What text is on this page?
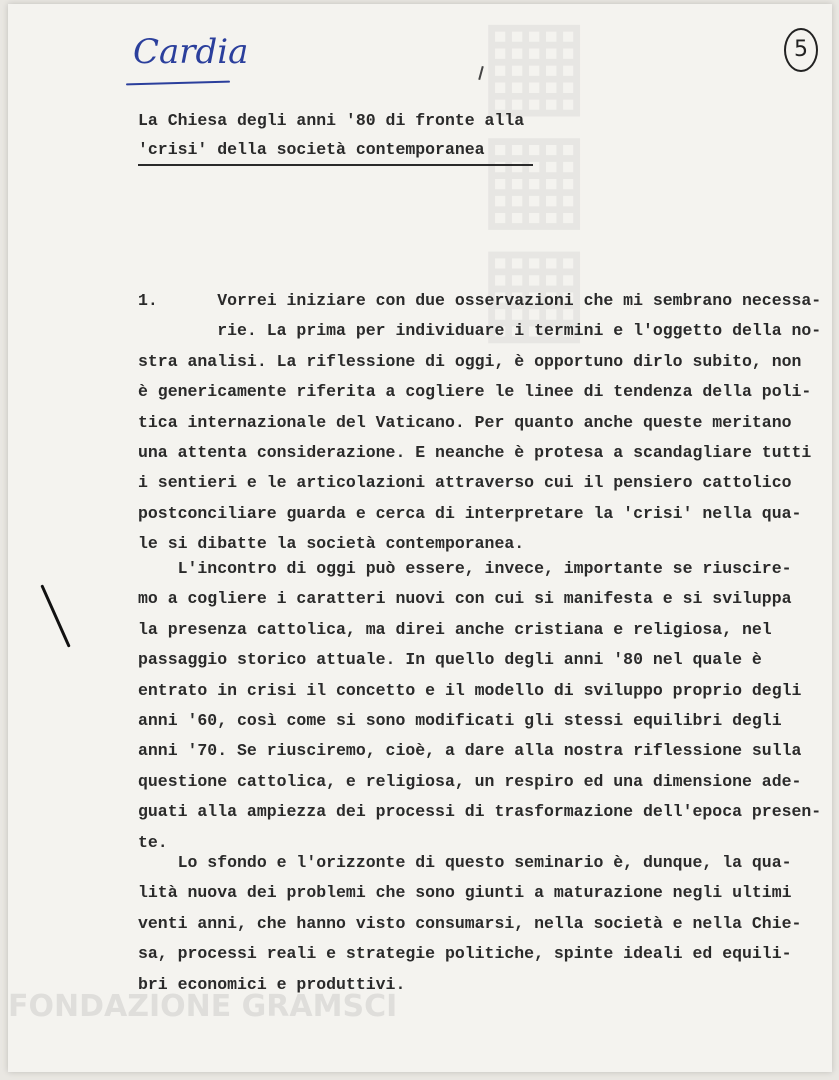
▦▦▦
FONDAZIONE GRAMSCI
Cardia	5
La Chiesa degli anni '80 di fronte alla
'crisi' della società contemporanea
1.      Vorrei iniziare con due osservazioni che mi sembrano necessa-
rie. La prima per individuare i termini e l'oggetto della no-
stra analisi. La riflessione di oggi, è opportuno dirlo subito, non
è genericamente riferita a cogliere le linee di tendenza della poli-
tica internazionale del Vaticano. Per quanto anche queste meritano
una attenta considerazione. E neanche è protesa a scandagliare tutti
i sentieri e le articolazioni attraverso cui il pensiero cattolico
postconciliare guarda e cerca di interpretare la 'crisi' nella qua-
le si dibatte la società contemporanea.
L'incontro di oggi può essere, invece, importante se riuscire-
mo a cogliere i caratteri nuovi con cui si manifesta e si sviluppa
la presenza cattolica, ma direi anche cristiana e religiosa, nel
passaggio storico attuale. In quello degli anni '80 nel quale è
entrato in crisi il concetto e il modello di sviluppo proprio degli
anni '60, così come si sono modificati gli stessi equilibri degli
anni '70. Se riusciremo, cioè, a dare alla nostra riflessione sulla
questione cattolica, e religiosa, un respiro ed una dimensione ade-
guati alla ampiezza dei processi di trasformazione dell'epoca presen-
te.
Lo sfondo e l'orizzonte di questo seminario è, dunque, la qua-
lità nuova dei problemi che sono giunti a maturazione negli ultimi
venti anni, che hanno visto consumarsi, nella società e nella Chie-
sa, processi reali e strategie politiche, spinte ideali ed equili-
bri economici e produttivi.
